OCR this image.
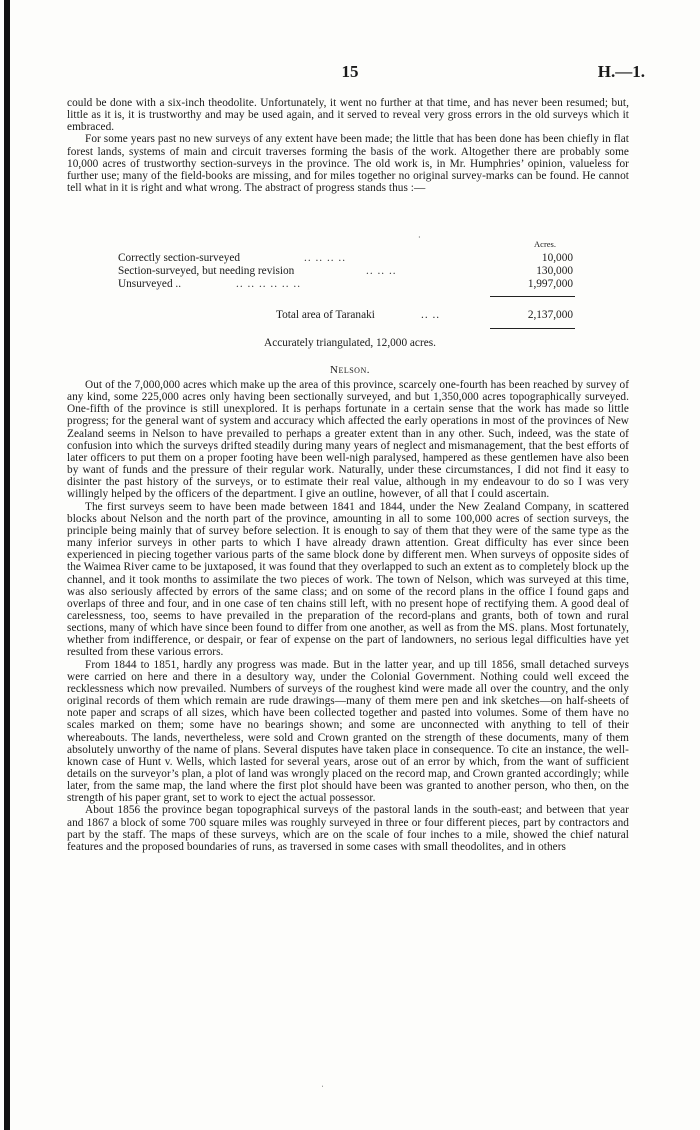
15	H.—1.

could be done with a six-inch theodolite. Unfortunately, it went no further at that time, and has never been resumed; but, little as it is, it is trustworthy and may be used again, and it served to reveal very gross errors in the old surveys which it embraced.

For some years past no new surveys of any extent have been made; the little that has been done has been chiefly in flat forest lands, systems of main and circuit traverses forming the basis of the work. Altogether there are probably some 10,000 acres of trustworthy section-surveys in the province. The old work is, in Mr. Humphries’ opinion, valueless for further use; many of the field-books are missing, and for miles together no original survey-marks can be found. He cannot tell what in it is right and what wrong. The abstract of progress stands thus :—

·
Acres.
Correctly section-surveyed	.. .. .. ..	10,000
Section-surveyed, but needing revision	.. .. ..	130,000
Unsurveyed ..	.. .. .. .. .. ..	1,997,000
Total area of Taranaki	.. ..	2,137,000
Accurately triangulated, 12,000 acres.
Nelson.

Out of the 7,000,000 acres which make up the area of this province, scarcely one-fourth has been reached by survey of any kind, some 225,000 acres only having been sectionally surveyed, and but 1,350,000 acres topographically surveyed. One-fifth of the province is still unexplored. It is perhaps fortunate in a certain sense that the work has made so little progress; for the general want of system and accuracy which affected the early operations in most of the provinces of New Zealand seems in Nelson to have prevailed to perhaps a greater extent than in any other. Such, indeed, was the state of confusion into which the surveys drifted steadily during many years of neglect and mismanagement, that the best efforts of later officers to put them on a proper footing have been well-nigh paralysed, hampered as these gentlemen have also been by want of funds and the pressure of their regular work. Naturally, under these circumstances, I did not find it easy to disinter the past history of the surveys, or to estimate their real value, although in my endeavour to do so I was very willingly helped by the officers of the department. I give an outline, however, of all that I could ascertain.

The first surveys seem to have been made between 1841 and 1844, under the New Zealand Company, in scattered blocks about Nelson and the north part of the province, amounting in all to some 100,000 acres of section surveys, the principle being mainly that of survey before selection. It is enough to say of them that they were of the same type as the many inferior surveys in other parts to which I have already drawn attention. Great difficulty has ever since been experienced in piecing together various parts of the same block done by different men. When surveys of opposite sides of the Waimea River came to be juxtaposed, it was found that they overlapped to such an extent as to completely block up the channel, and it took months to assimilate the two pieces of work. The town of Nelson, which was surveyed at this time, was also seriously affected by errors of the same class; and on some of the record plans in the office I found gaps and overlaps of three and four, and in one case of ten chains still left, with no present hope of rectifying them. A good deal of carelessness, too, seems to have prevailed in the preparation of the record-plans and grants, both of town and rural sections, many of which have since been found to differ from one another, as well as from the MS. plans. Most fortunately, whether from indifference, or despair, or fear of expense on the part of landowners, no serious legal difficulties have yet resulted from these various errors.

From 1844 to 1851, hardly any progress was made. But in the latter year, and up till 1856, small detached surveys were carried on here and there in a desultory way, under the Colonial Government. Nothing could well exceed the recklessness which now prevailed. Numbers of surveys of the roughest kind were made all over the country, and the only original records of them which remain are rude drawings—many of them mere pen and ink sketches—on half-sheets of note paper and scraps of all sizes, which have been collected together and pasted into volumes. Some of them have no scales marked on them; some have no bearings shown; and some are unconnected with anything to tell of their whereabouts. The lands, nevertheless, were sold and Crown granted on the strength of these documents, many of them absolutely unworthy of the name of plans. Several disputes have taken place in consequence. To cite an instance, the well-known case of Hunt v. Wells, which lasted for several years, arose out of an error by which, from the want of sufficient details on the surveyor’s plan, a plot of land was wrongly placed on the record map, and Crown granted accordingly; while later, from the same map, the land where the first plot should have been was granted to another person, who then, on the strength of his paper grant, set to work to eject the actual possessor.

About 1856 the province began topographical surveys of the pastoral lands in the south-east; and between that year and 1867 a block of some 700 square miles was roughly surveyed in three or four different pieces, part by contractors and part by the staff. The maps of these surveys, which are on the scale of four inches to a mile, showed the chief natural features and the proposed boundaries of runs, as traversed in some cases with small theodolites, and in others

ˌ
